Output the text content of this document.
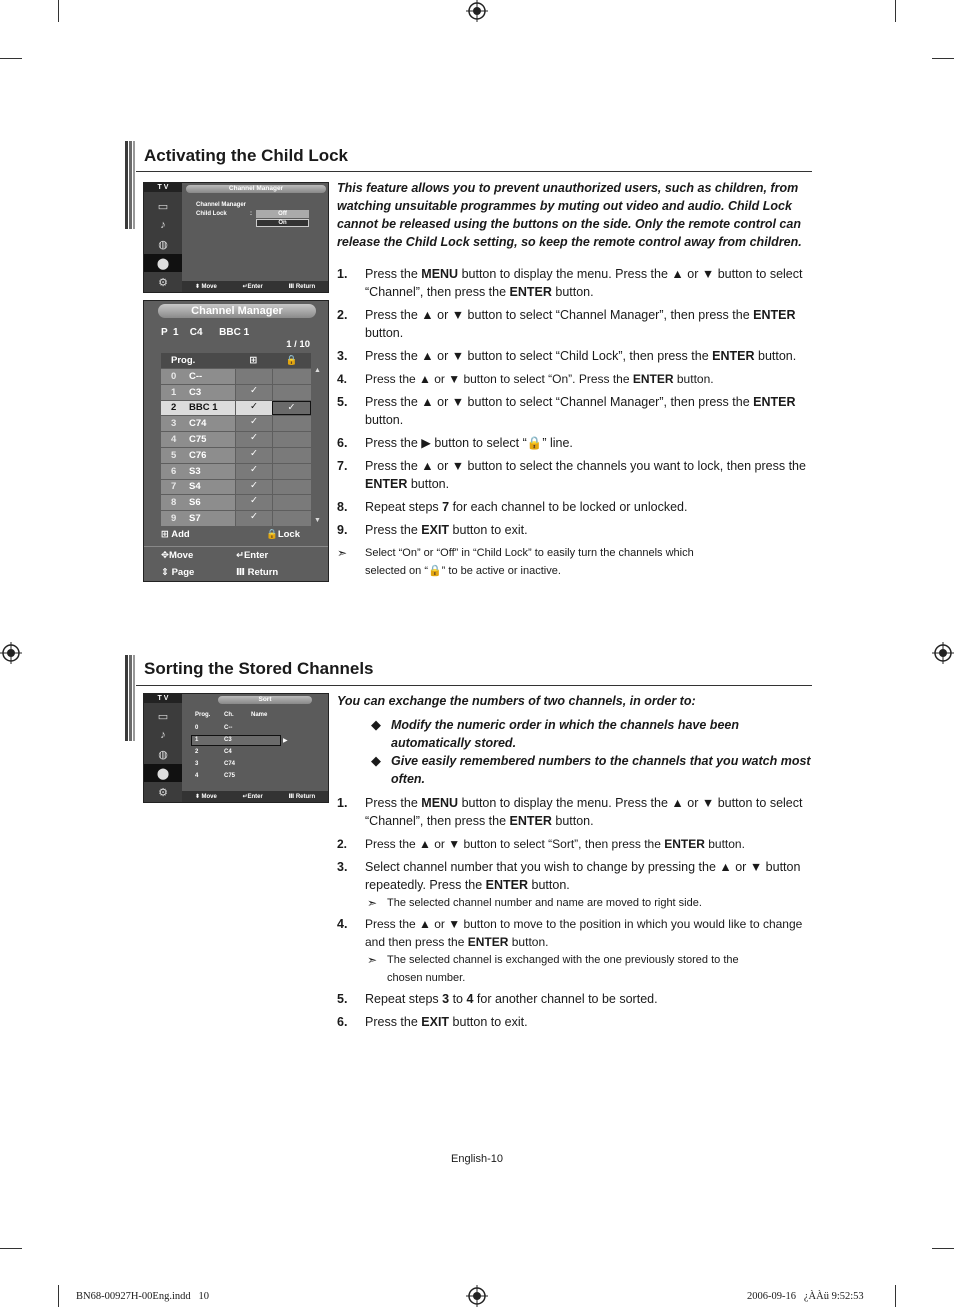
Activating the Child Lock
T V
▭
♪
◍
⬤
⚙
Channel Manager
Channel Manager
Child Lock	:	Off
On
⬍ Move	↵Enter	Ⅲ Return
Channel Manager
P  1    C4      BBC 1
1 / 10
Prog.	⊞	🔒
0	C--
1	C3	✓
2	BBC 1	✓	✓
3	C74	✓
4	C75	✓
5	C76	✓
6	S3	✓
7	S4	✓
8	S6	✓
9	S7	✓
▲
▼
⊞ Add	🔒Lock
✥Move	↵Enter
⇕ Page	Ⅲ Return

This feature allows you to prevent unauthorized users, such as children, from watching unsuitable programmes by muting out video and audio. Child Lock cannot be released using the buttons on the side. Only the remote control can release the Child Lock setting, so keep the remote control away from children.

1.	Press the MENU button to display the menu. Press the ▲ or ▼ button to select “Channel”, then press the ENTER button.
2.	Press the ▲ or ▼ button to select “Channel Manager”, then press the ENTER button.
3.	Press the ▲ or ▼ button to select “Child Lock”, then press the ENTER button.
4.	Press the ▲ or ▼ button to select “On”. Press the ENTER button.
5.	Press the ▲ or ▼ button to select “Channel Manager”, then press the ENTER button.
6.	Press the ▶ button to select “🔒” line.
7.	Press the ▲ or ▼ button to select the channels you want to lock, then press the ENTER button.
8.	Repeat steps 7 for each channel to be locked or unlocked.
9.	Press the EXIT button to exit.
➣	Select “On” or “Off” in “Child Lock” to easily turn the channels which selected on “🔒” to be active or inactive.
Sorting the Stored Channels
T V
▭
♪
◍
⬤
⚙
Sort
Prog. Ch.	Name
0	C--
1	C3	▶
2	C4
3	C74
4	C75
⬍ Move	↵Enter	Ⅲ Return

You can exchange the numbers of two channels, in order to:

◆ Modify the numeric order in which the channels have been automatically stored.
◆ Give easily remembered numbers to the channels that you watch most often.
1.	Press the MENU button to display the menu. Press the ▲ or ▼ button to select “Channel”, then press the ENTER button.
2.	Press the ▲ or ▼ button to select “Sort”, then press the ENTER button.
3.	Select channel number that you wish to change by pressing the ▲ or ▼ button repeatedly. Press the ENTER button.
➣ The selected channel number and name are moved to right side.
4.	Press the ▲ or ▼ button to move to the position in which you would like to change and then press the ENTER button.
➣ The selected channel is exchanged with the one previously stored to the chosen number.
5.	Repeat steps 3 to 4 for another channel to be sorted.
6.	Press the EXIT button to exit.
English-10
BN68-00927H-00Eng.indd   10	2006-09-16   ¿ÀÀü 9:52:53
